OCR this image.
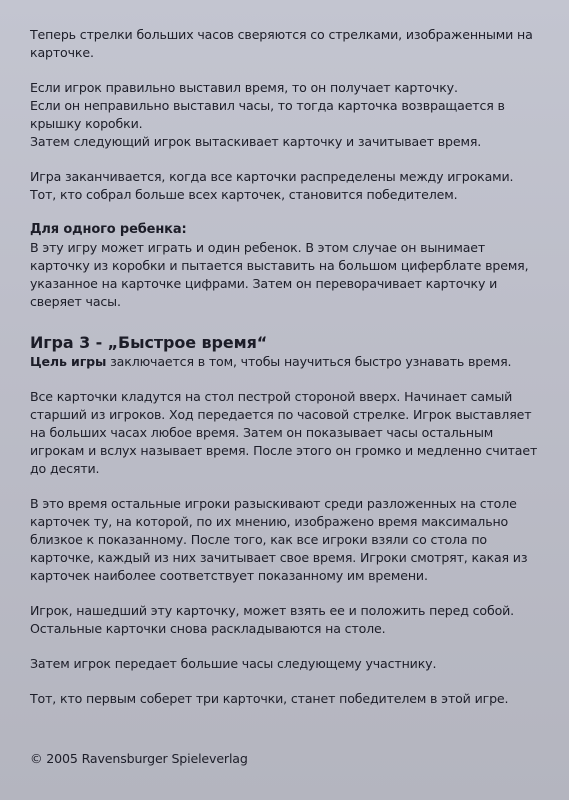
Теперь стрелки больших часов сверяются со стрелками, изображенными на карточке.

Если игрок правильно выставил время, то он получает карточку.

Если он неправильно выставил часы, то тогда карточка возвращается в крышку коробки.

Затем следующий игрок вытаскивает карточку и зачитывает время.

Игра заканчивается, когда все карточки распределены между игроками. Тот, кто собрал больше всех карточек, становится победителем.

Для одного ребенка:

В эту игру может играть и один ребенок. В этом случае он вынимает карточку из коробки и пытается выставить на большом циферблате время, указанное на карточке цифрами. Затем он переворачивает карточку и сверяет часы.

Игра 3 - „Быстрое время“

Цель игры заключается в том, чтобы научиться быстро узнавать время.

Все карточки кладутся на стол пестрой стороной вверх. Начинает самый старший из игроков. Ход передается по часовой стрелке. Игрок выставляет на больших часах любое время. Затем он показывает часы остальным игрокам и вслух называет время. После этого он громко и медленно считает до десяти.

В это время остальные игроки разыскивают среди разложенных на столе карточек ту, на которой, по их мнению, изображено время максимально близкое к показанному. После того, как все игроки взяли со стола по карточке, каждый из них зачитывает свое время. Игроки смотрят, какая из карточек наиболее соответствует показанному им времени.

Игрок, нашедший эту карточку, может взять ее и положить перед собой. Остальные карточки снова раскладываются на столе.

Затем игрок передает большие часы следующему участнику.

Тот, кто первым соберет три карточки, станет победителем в этой игре.

© 2005 Ravensburger Spieleverlag
